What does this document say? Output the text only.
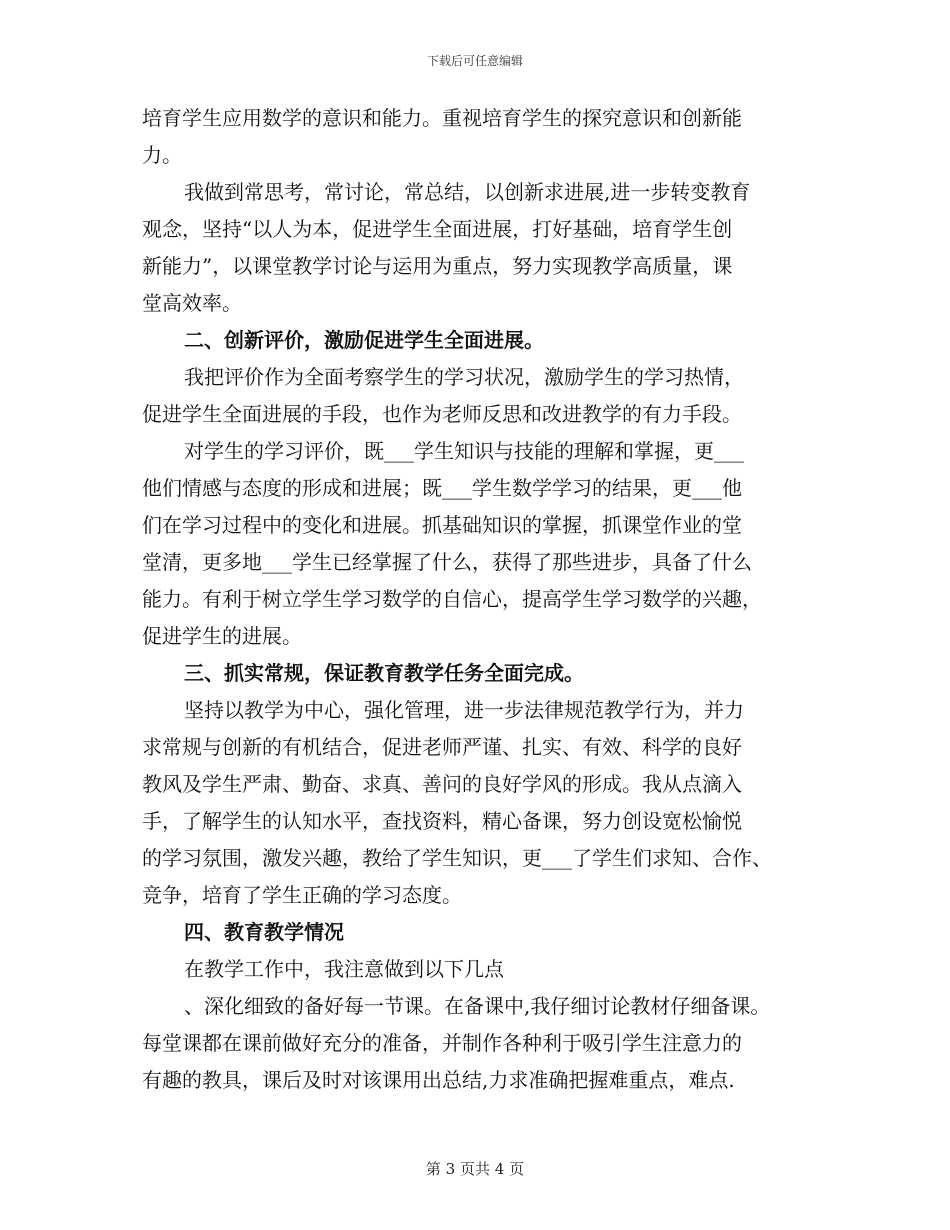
下载后可任意编辑
培育学生应用数学的意识和能力。重视培育学生的探究意识和创新能
力。
我做到常思考，常讨论，常总结，以创新求进展,进一步转变教育
观念，坚持“以人为本，促进学生全面进展，打好基础，培育学生创
新能力”，以课堂教学讨论与运用为重点，努力实现教学高质量，课
堂高效率。
二、创新评价，激励促进学生全面进展。
我把评价作为全面考察学生的学习状况，激励学生的学习热情，
促进学生全面进展的手段，也作为老师反思和改进教学的有力手段。
对学生的学习评价，既___学生知识与技能的理解和掌握，更___
他们情感与态度的形成和进展；既___学生数学学习的结果，更___他
们在学习过程中的变化和进展。抓基础知识的掌握，抓课堂作业的堂
堂清，更多地___学生已经掌握了什么，获得了那些进步，具备了什么
能力。有利于树立学生学习数学的自信心，提高学生学习数学的兴趣，
促进学生的进展。
三、抓实常规，保证教育教学任务全面完成。
坚持以教学为中心，强化管理，进一步法律规范教学行为，并力
求常规与创新的有机结合，促进老师严谨、扎实、有效、科学的良好
教风及学生严肃、勤奋、求真、善问的良好学风的形成。我从点滴入
手，了解学生的认知水平，查找资料，精心备课，努力创设宽松愉悦
的学习氛围，激发兴趣，教给了学生知识，更___了学生们求知、合作、
竞争，培育了学生正确的学习态度。
四、教育教学情况
在教学工作中，我注意做到以下几点
、深化细致的备好每一节课。在备课中,我仔细讨论教材仔细备课。
每堂课都在课前做好充分的准备，并制作各种利于吸引学生注意力的
有趣的教具，课后及时对该课用出总结,力求准确把握难重点，难点.
第 3 页共 4 页
